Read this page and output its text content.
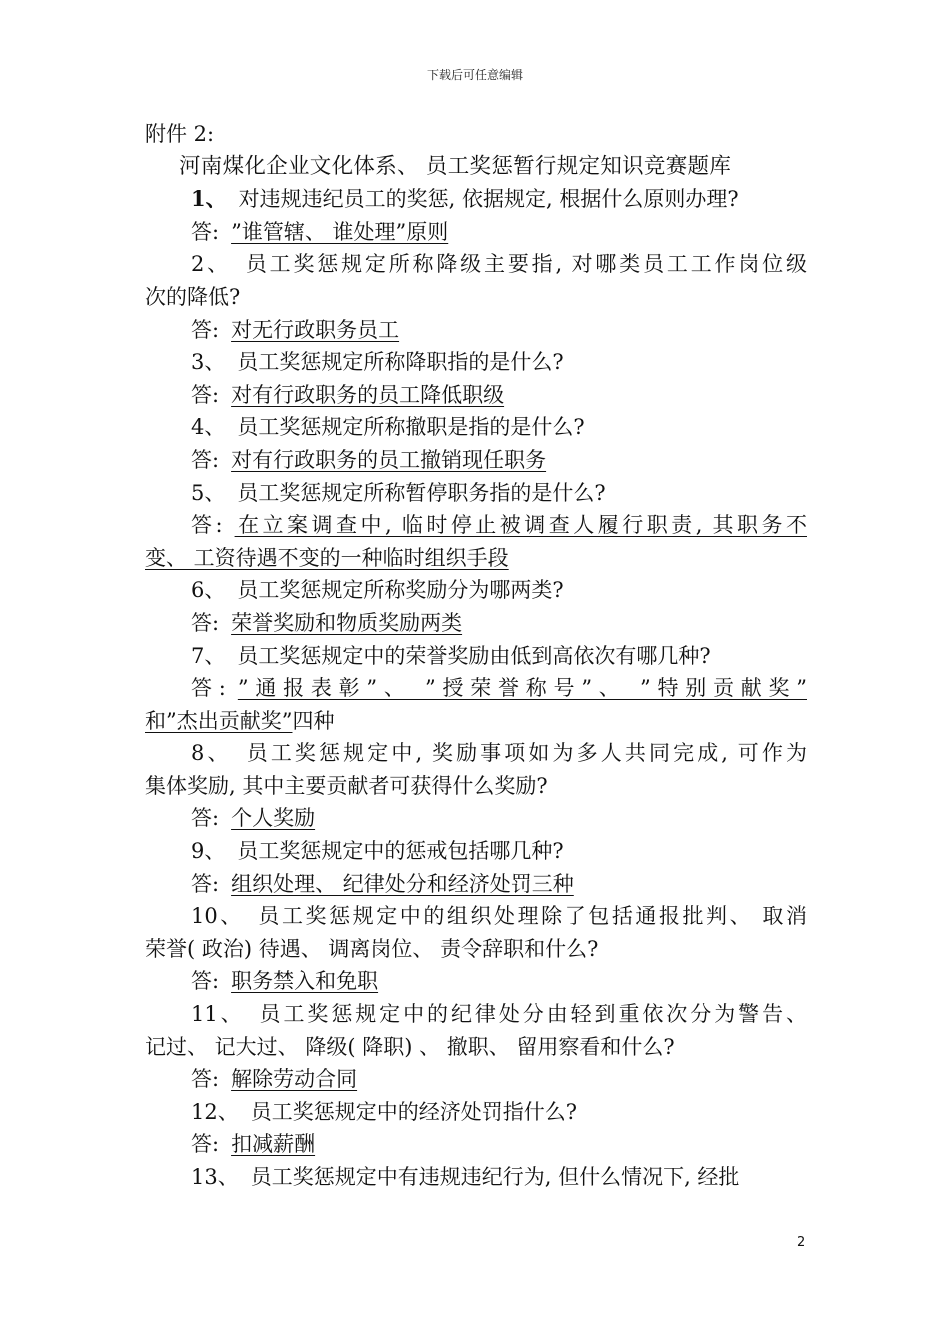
下载后可任意编辑
附件 2:
河南煤化企业文化体系、 员工奖惩暂行规定知识竞赛题库
1、 对违规违纪员工的奖惩, 依据规定, 根据什么原则办理?
答: ”谁管辖、 谁处理”原则
2、 员工奖惩规定所称降级主要指, 对哪类员工工作岗位级
次的降低?
答: 对无行政职务员工
3、 员工奖惩规定所称降职指的是什么?
答: 对有行政职务的员工降低职级
4、 员工奖惩规定所称撤职是指的是什么?
答: 对有行政职务的员工撤销现任职务
5、 员工奖惩规定所称暂停职务指的是什么?
答: 在立案调查中, 临时停止被调查人履行职责, 其职务不
变、 工资待遇不变的一种临时组织手段
6、 员工奖惩规定所称奖励分为哪两类?
答: 荣誉奖励和物质奖励两类
7、 员工奖惩规定中的荣誉奖励由低到高依次有哪几种?
答: ”通报表彰”、 ”授荣誉称号”、 ”特别贡献奖”
和”杰出贡献奖”四种
8、 员工奖惩规定中, 奖励事项如为多人共同完成, 可作为
集体奖励, 其中主要贡献者可获得什么奖励?
答: 个人奖励
9、 员工奖惩规定中的惩戒包括哪几种?
答: 组织处理、 纪律处分和经济处罚三种
10、 员工奖惩规定中的组织处理除了包括通报批判、 取消
荣誉( 政治) 待遇、 调离岗位、 责令辞职和什么?
答: 职务禁入和免职
11、 员工奖惩规定中的纪律处分由轻到重依次分为警告、
记过、 记大过、 降级( 降职) 、 撤职、 留用察看和什么?
答: 解除劳动合同
12、 员工奖惩规定中的经济处罚指什么?
答: 扣减薪酬
13、 员工奖惩规定中有违规违纪行为, 但什么情况下, 经批
2
